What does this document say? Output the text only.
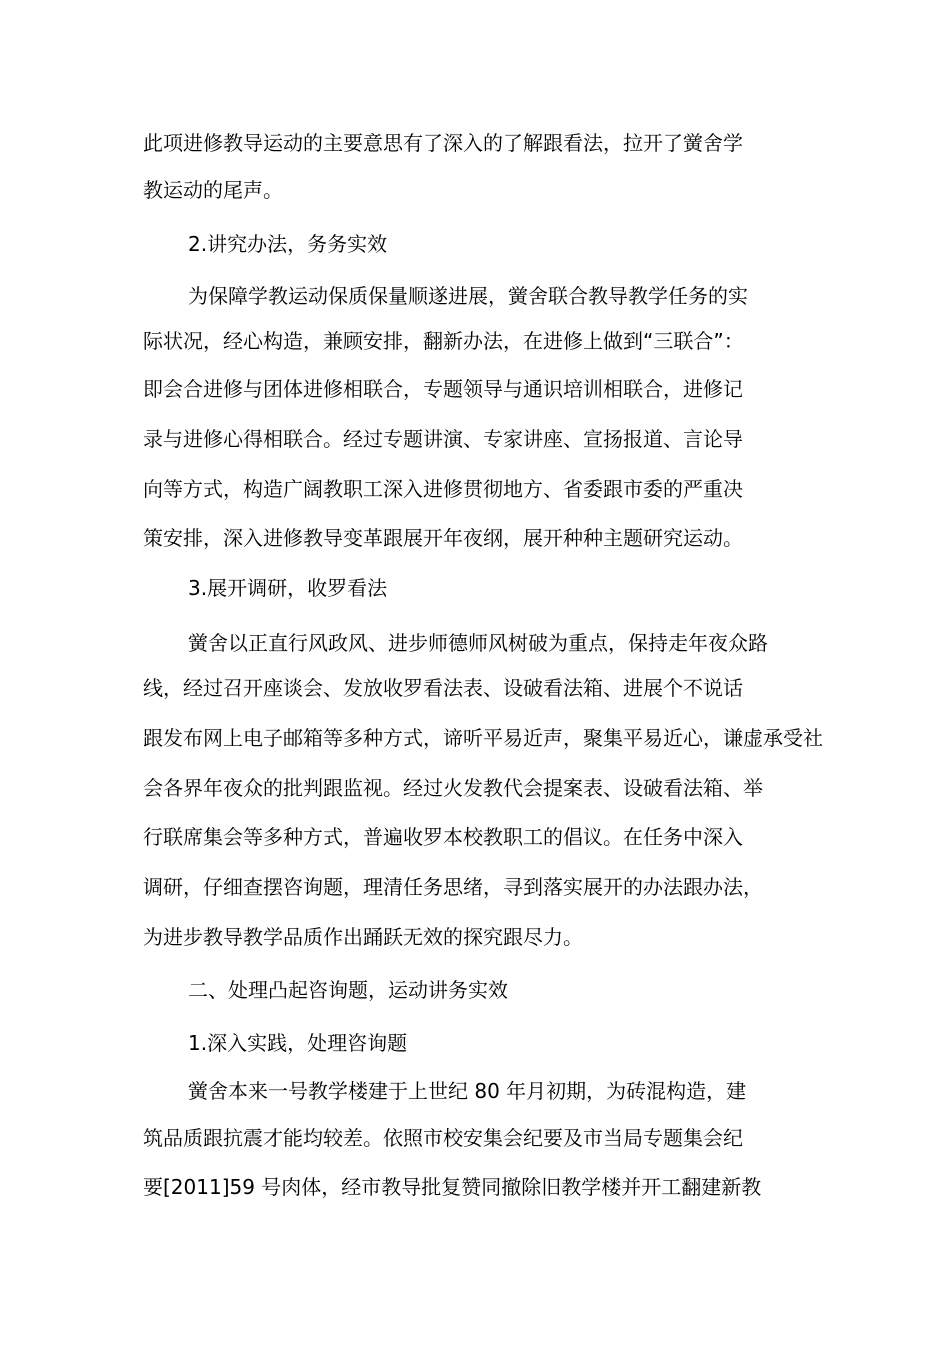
此项进修教导运动的主要意思有了深入的了解跟看法，拉开了黉舍学
教运动的尾声。
2.讲究办法，务务实效
为保障学教运动保质保量顺遂进展，黉舍联合教导教学任务的实
际状况，经心构造，兼顾安排，翻新办法，在进修上做到“三联合”：
即会合进修与团体进修相联合，专题领导与通识培训相联合，进修记
录与进修心得相联合。经过专题讲演、专家讲座、宣扬报道、言论导
向等方式，构造广阔教职工深入进修贯彻地方、省委跟市委的严重决
策安排，深入进修教导变革跟展开年夜纲，展开种种主题研究运动。
3.展开调研，收罗看法
黉舍以正直行风政风、进步师德师风树破为重点，保持走年夜众路
线，经过召开座谈会、发放收罗看法表、设破看法箱、进展个不说话
跟发布网上电子邮箱等多种方式，谛听平易近声，聚集平易近心，谦虚承受社
会各界年夜众的批判跟监视。经过火发教代会提案表、设破看法箱、举
行联席集会等多种方式，普遍收罗本校教职工的倡议。在任务中深入
调研，仔细查摆咨询题，理清任务思绪，寻到落实展开的办法跟办法，
为进步教导教学品质作出踊跃无效的探究跟尽力。
二、处理凸起咨询题，运动讲务实效
1.深入实践，处理咨询题
黉舍本来一号教学楼建于上世纪 80 年月初期，为砖混构造，建
筑品质跟抗震才能均较差。依照市校安集会纪要及市当局专题集会纪
要[2011]59 号肉体，经市教导批复赞同撤除旧教学楼并开工翻建新教
